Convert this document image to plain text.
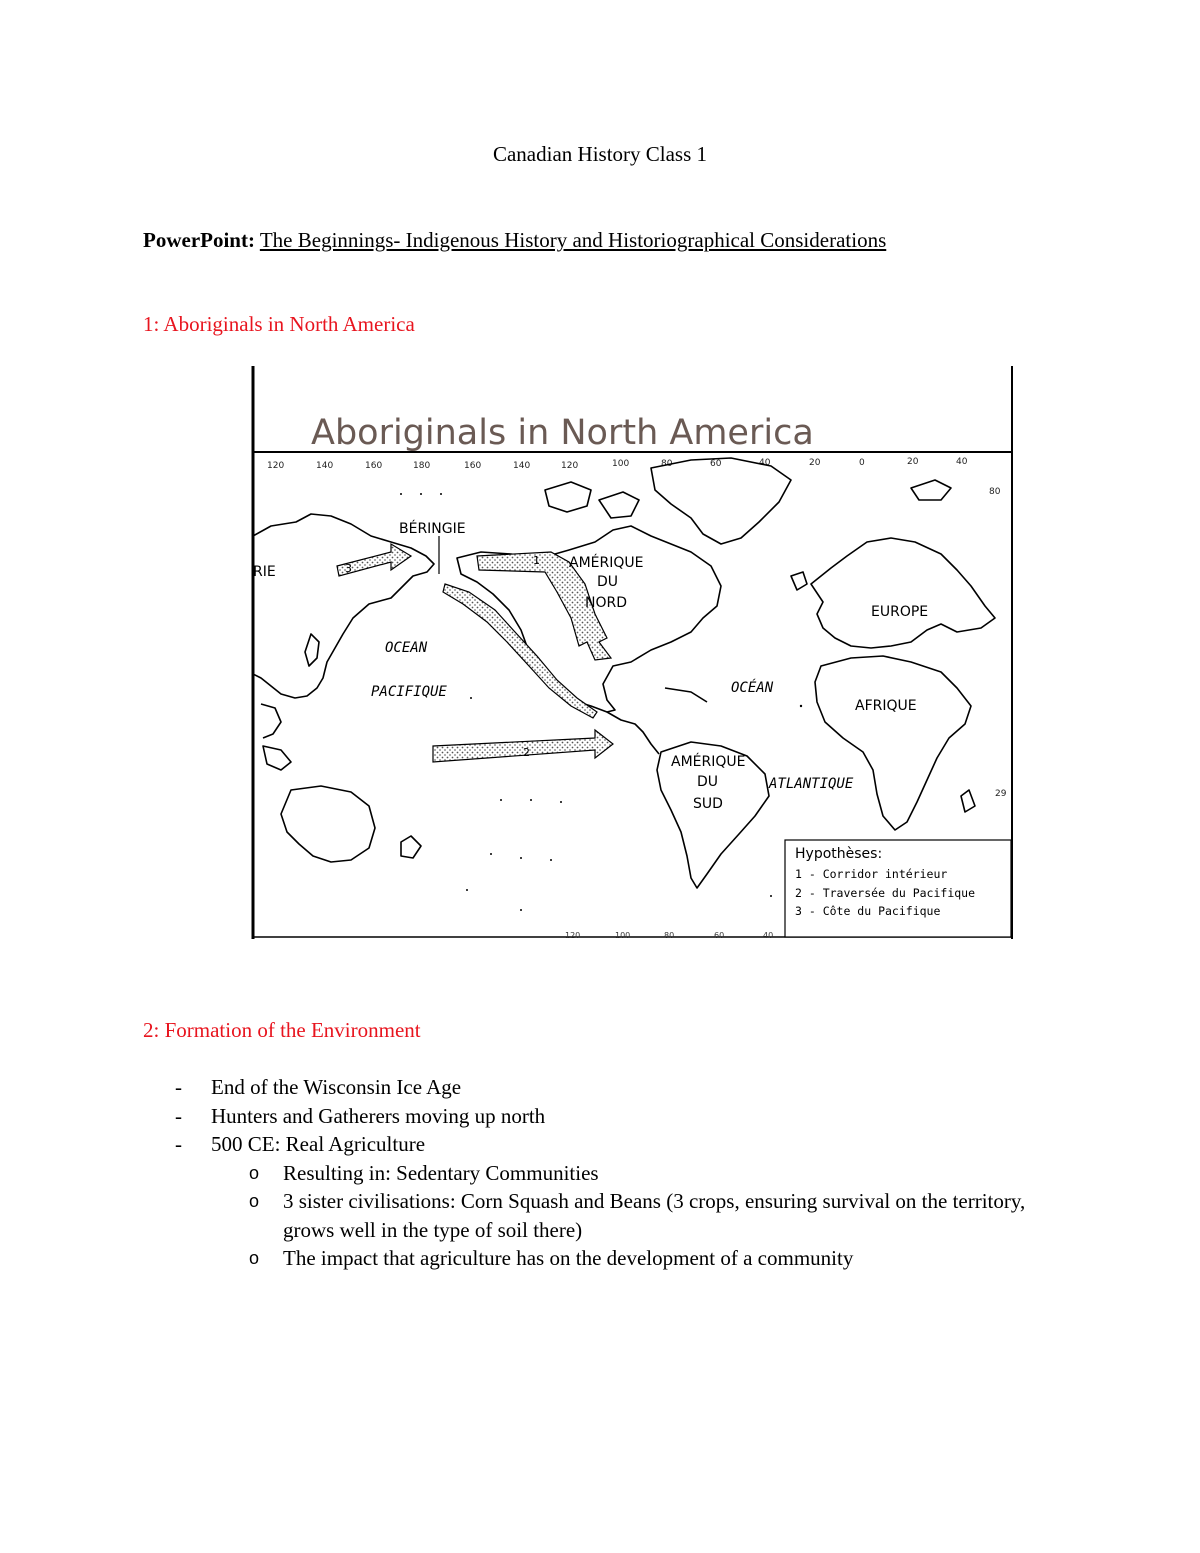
Canadian History Class 1
PowerPoint: The Beginnings- Indigenous History and Historiographical Considerations
1: Aboriginals in North America
Aboriginals in North America
120	140	160	180	160	140	120	100	80	60	40	20	0	20	40
80
29
120	100	80	60	40
3
1
2
BÉRINGIE
RIE
AMÉRIQUE
DU
NORD
EUROPE
AFRIQUE
AMÉRIQUE
DU
SUD
OCEAN
PACIFIQUE	OCÉAN
ATLANTIQUE
Hypothèses:
1 - Corridor intérieur
2 - Traversée du Pacifique
3 - Côte du Pacifique
2: Formation of the Environment
- End of the Wisconsin Ice Age
- Hunters and Gatherers moving up north
- 500 CE: Real Agriculture
o Resulting in: Sedentary Communities
o 3 sister civilisations: Corn Squash and Beans (3 crops, ensuring survival on the territory, grows well in the type of soil there)
o The impact that agriculture has on the development of a community
